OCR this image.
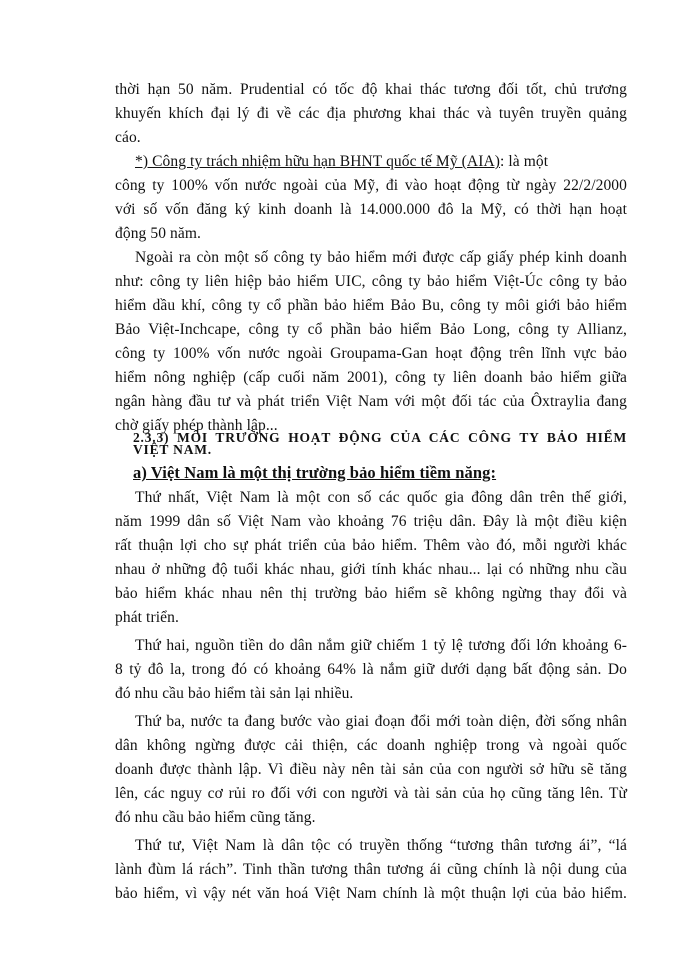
thời hạn 50 năm. Prudential có tốc độ khai thác tương đối tốt, chủ trương
khuyến khích đại lý đi về các địa phương khai thác và tuyên truyền quảng
cáo.
*) Công ty trách nhiệm hữu hạn BHNT quốc tế Mỹ (AIA): là một
công ty 100% vốn nước ngoài của Mỹ, đi vào hoạt động từ ngày 22/2/2000
với số vốn đăng ký kinh doanh là 14.000.000 đô la Mỹ, có thời hạn hoạt
động 50 năm.
Ngoài ra còn một số công ty bảo hiểm mới được cấp giấy phép kinh doanh
như: công ty liên hiệp bảo hiểm UIC, công ty bảo hiểm Việt-Úc công ty bảo
hiểm dầu khí, công ty cổ phần bảo hiểm Bảo Bu, công ty môi giới bảo hiểm
Bảo Việt-Inchcape, công ty cổ phần bảo hiểm Bảo Long, công ty Allianz,
công ty 100% vốn nước ngoài Groupama-Gan hoạt động trên lĩnh vực bảo
hiểm nông nghiệp (cấp cuối năm 2001), công ty liên doanh bảo hiểm giữa
ngân hàng đầu tư và phát triển Việt Nam với một đối tác của Ôxtraylia đang
chờ giấy phép thành lập...
2.3.3) MÔI TRƯỜNG HOẠT ĐỘNG CỦA CÁC CÔNG TY BẢO HIỂM
VIỆT NAM.
a) Việt Nam là một thị trường bảo hiểm tiềm năng:
Thứ nhất, Việt Nam là một con số các quốc gia đông dân trên thế giới,
năm 1999 dân số Việt Nam vào khoảng 76 triệu dân. Đây là một điều kiện
rất thuận lợi cho sự phát triển của bảo hiểm. Thêm vào đó, mỗi người khác
nhau ở những độ tuổi khác nhau, giới tính khác nhau... lại có những nhu cầu
bảo hiểm khác nhau nên thị trường bảo hiểm sẽ không ngừng thay đổi và
phát triển.
Thứ hai, nguồn tiền do dân nắm giữ chiếm 1 tỷ lệ tương đối lớn khoảng 6-
8 tỷ đô la, trong đó có khoảng 64% là nắm giữ dưới dạng bất động sản. Do
đó nhu cầu bảo hiểm tài sản lại nhiều.
Thứ ba, nước ta đang bước vào giai đoạn đổi mới toàn diện, đời sống nhân
dân không ngừng được cải thiện, các doanh nghiệp trong và ngoài quốc
doanh được thành lập. Vì điều này nên tài sản của con người sở hữu sẽ tăng
lên, các nguy cơ rủi ro đối với con người và tài sản của họ cũng tăng lên. Từ
đó nhu cầu bảo hiểm cũng tăng.
Thứ tư, Việt Nam là dân tộc có truyền thống “tương thân tương ái”, “lá
lành đùm lá rách”. Tinh thần tương thân tương ái cũng chính là nội dung của
bảo hiểm, vì vậy nét văn hoá Việt Nam chính là một thuận lợi của bảo hiểm.
